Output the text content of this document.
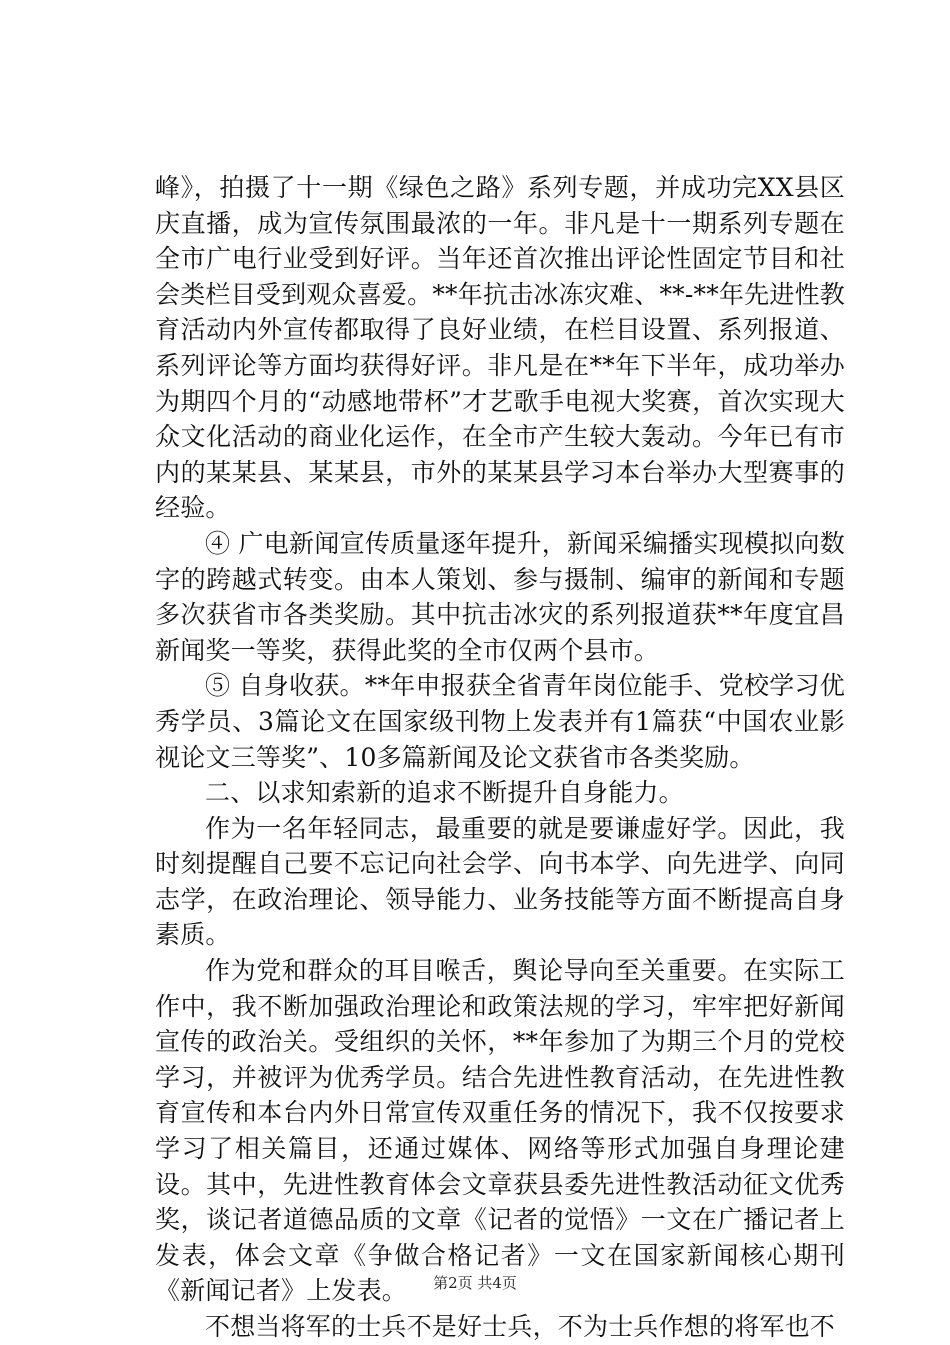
峰》，拍摄了十一期《绿色之路》系列专题，并成功完XX县区庆直播，成为宣传氛围最浓的一年。非凡是十一期系列专题在全市广电行业受到好评。当年还首次推出评论性固定节目和社会类栏目受到观众喜爱。**年抗击冰冻灾难、**-**年先进性教育活动内外宣传都取得了良好业绩，在栏目设置、系列报道、系列评论等方面均获得好评。非凡是在**年下半年，成功举办为期四个月的“动感地带杯”才艺歌手电视大奖赛，首次实现大众文化活动的商业化运作，在全市产生较大轰动。今年已有市内的某某县、某某县，市外的某某县学习本台举办大型赛事的经验。

④ 广电新闻宣传质量逐年提升，新闻采编播实现模拟向数字的跨越式转变。由本人策划、参与摄制、编审的新闻和专题多次获省市各类奖励。其中抗击冰灾的系列报道获**年度宜昌新闻奖一等奖，获得此奖的全市仅两个县市。

⑤ 自身收获。**年申报获全省青年岗位能手、党校学习优秀学员、3篇论文在国家级刊物上发表并有1篇获“中国农业影视论文三等奖”、10多篇新闻及论文获省市各类奖励。

二、以求知索新的追求不断提升自身能力。

作为一名年轻同志，最重要的就是要谦虚好学。因此，我时刻提醒自己要不忘记向社会学、向书本学、向先进学、向同志学，在政治理论、领导能力、业务技能等方面不断提高自身素质。

作为党和群众的耳目喉舌，舆论导向至关重要。在实际工作中，我不断加强政治理论和政策法规的学习，牢牢把好新闻宣传的政治关。受组织的关怀，**年参加了为期三个月的党校学习，并被评为优秀学员。结合先进性教育活动，在先进性教育宣传和本台内外日常宣传双重任务的情况下，我不仅按要求学习了相关篇目，还通过媒体、网络等形式加强自身理论建设。其中，先进性教育体会文章获县委先进性教活动征文优秀奖，谈记者道德品质的文章《记者的觉悟》一文在广播记者上发表，体会文章《争做合格记者》一文在国家新闻核心期刊《新闻记者》上发表。

不想当将军的士兵不是好士兵，不为士兵作想的将军也不

第2页 共4页
